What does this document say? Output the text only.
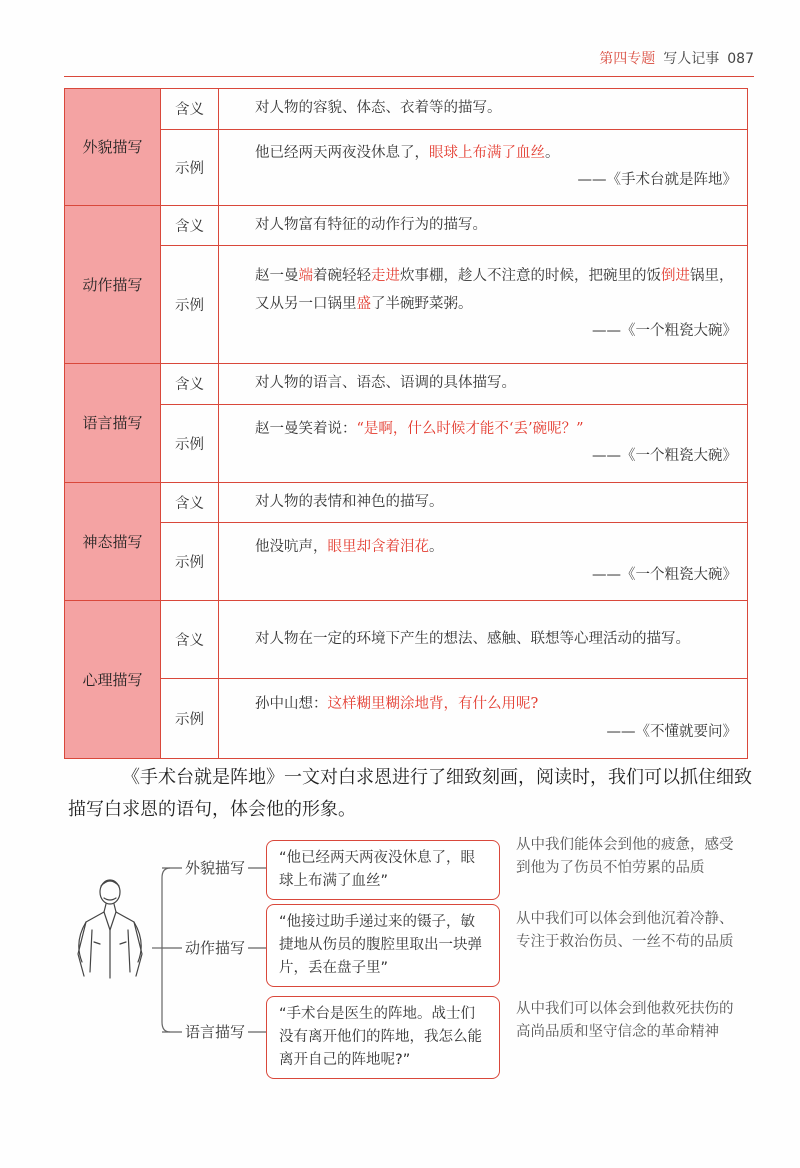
第四专题 写人记事 087
外貌描写	含义	对人物的容貌、体态、衣着等的描写。
	示例	他已经两天两夜没休息了，眼球上布满了血丝。
——《手术台就是阵地》

动作描写	含义	对人物富有特征的动作行为的描写。
	示例	赵一曼端着碗轻轻走进炊事棚，趁人不注意的时候，把碗里的饭倒进锅里，又从另一口锅里盛了半碗野菜粥。
——《一个粗瓷大碗》

语言描写	含义	对人物的语言、语态、语调的具体描写。
	示例	赵一曼笑着说：“是啊，什么时候才能不‘丢’碗呢？”
——《一个粗瓷大碗》

神态描写	含义	对人物的表情和神色的描写。
	示例	他没吭声，眼里却含着泪花。
——《一个粗瓷大碗》

心理描写	含义	对人物在一定的环境下产生的想法、感触、联想等心理活动的描写。
	示例	孙中山想：这样糊里糊涂地背，有什么用呢?
——《不懂就要问》

《手术台就是阵地》一文对白求恩进行了细致刻画，阅读时，我们可以抓住细致描写白求恩的语句，体会他的形象。

外貌描写
动作描写
语言描写
“他已经两天两夜没休息了，眼球上布满了血丝”
“他接过助手递过来的镊子，敏捷地从伤员的腹腔里取出一块弹片，丢在盘子里”
“手术台是医生的阵地。战士们没有离开他们的阵地，我怎么能离开自己的阵地呢?”
从中我们能体会到他的疲惫，感受到他为了伤员不怕劳累的品质
从中我们可以体会到他沉着冷静、专注于救治伤员、一丝不苟的品质
从中我们可以体会到他救死扶伤的高尚品质和坚守信念的革命精神
